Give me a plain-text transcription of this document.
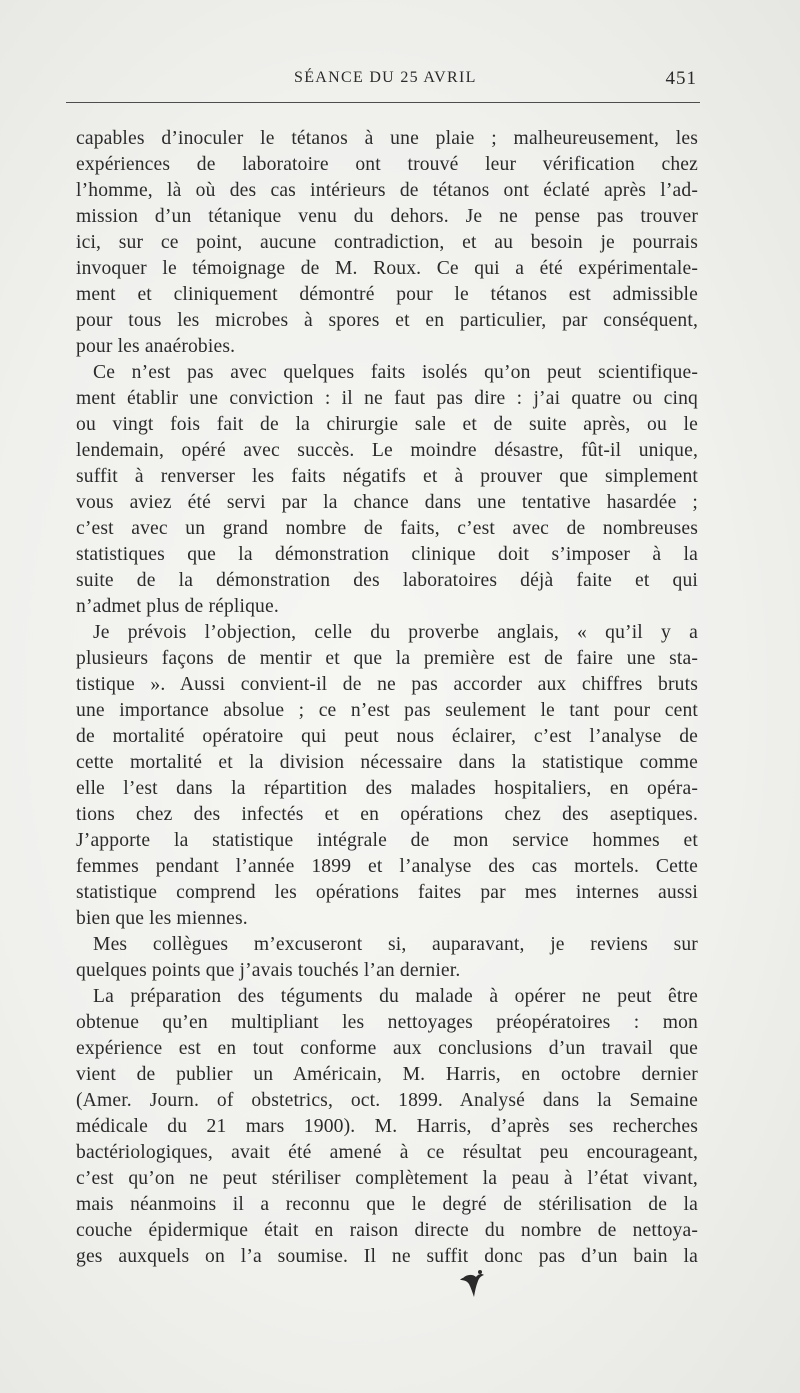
SÉANCE DU 25 AVRIL	451
capables d’inoculer le tétanos à une plaie ; malheureusement, les
expériences de laboratoire ont trouvé leur vérification chez
l’homme, là où des cas intérieurs de tétanos ont éclaté après l’ad-
mission d’un tétanique venu du dehors. Je ne pense pas trouver
ici, sur ce point, aucune contradiction, et au besoin je pourrais
invoquer le témoignage de M. Roux. Ce qui a été expérimentale-
ment et cliniquement démontré pour le tétanos est admissible
pour tous les microbes à spores et en particulier, par conséquent,
pour les anaérobies.
Ce n’est pas avec quelques faits isolés qu’on peut scientifique-
ment établir une conviction : il ne faut pas dire : j’ai quatre ou cinq
ou vingt fois fait de la chirurgie sale et de suite après, ou le
lendemain, opéré avec succès. Le moindre désastre, fût-il unique,
suffit à renverser les faits négatifs et à prouver que simplement
vous aviez été servi par la chance dans une tentative hasardée ;
c’est avec un grand nombre de faits, c’est avec de nombreuses
statistiques que la démonstration clinique doit s’imposer à la
suite de la démonstration des laboratoires déjà faite et qui
n’admet plus de réplique.
Je prévois l’objection, celle du proverbe anglais, « qu’il y a
plusieurs façons de mentir et que la première est de faire une sta-
tistique ». Aussi convient-il de ne pas accorder aux chiffres bruts
une importance absolue ; ce n’est pas seulement le tant pour cent
de mortalité opératoire qui peut nous éclairer, c’est l’analyse de
cette mortalité et la division nécessaire dans la statistique comme
elle l’est dans la répartition des malades hospitaliers, en opéra-
tions chez des infectés et en opérations chez des aseptiques.
J’apporte la statistique intégrale de mon service hommes et
femmes pendant l’année 1899 et l’analyse des cas mortels. Cette
statistique comprend les opérations faites par mes internes aussi
bien que les miennes.
Mes collègues m’excuseront si, auparavant, je reviens sur
quelques points que j’avais touchés l’an dernier.
La préparation des téguments du malade à opérer ne peut être
obtenue qu’en multipliant les nettoyages préopératoires : mon
expérience est en tout conforme aux conclusions d’un travail que
vient de publier un Américain, M. Harris, en octobre dernier
(Amer. Journ. of obstetrics, oct. 1899. Analysé dans la Semaine
médicale du 21 mars 1900). M. Harris, d’après ses recherches
bactériologiques, avait été amené à ce résultat peu encourageant,
c’est qu’on ne peut stériliser complètement la peau à l’état vivant,
mais néanmoins il a reconnu que le degré de stérilisation de la
couche épidermique était en raison directe du nombre de nettoya-
ges auxquels on l’a soumise. Il ne suffit donc pas d’un bain la
